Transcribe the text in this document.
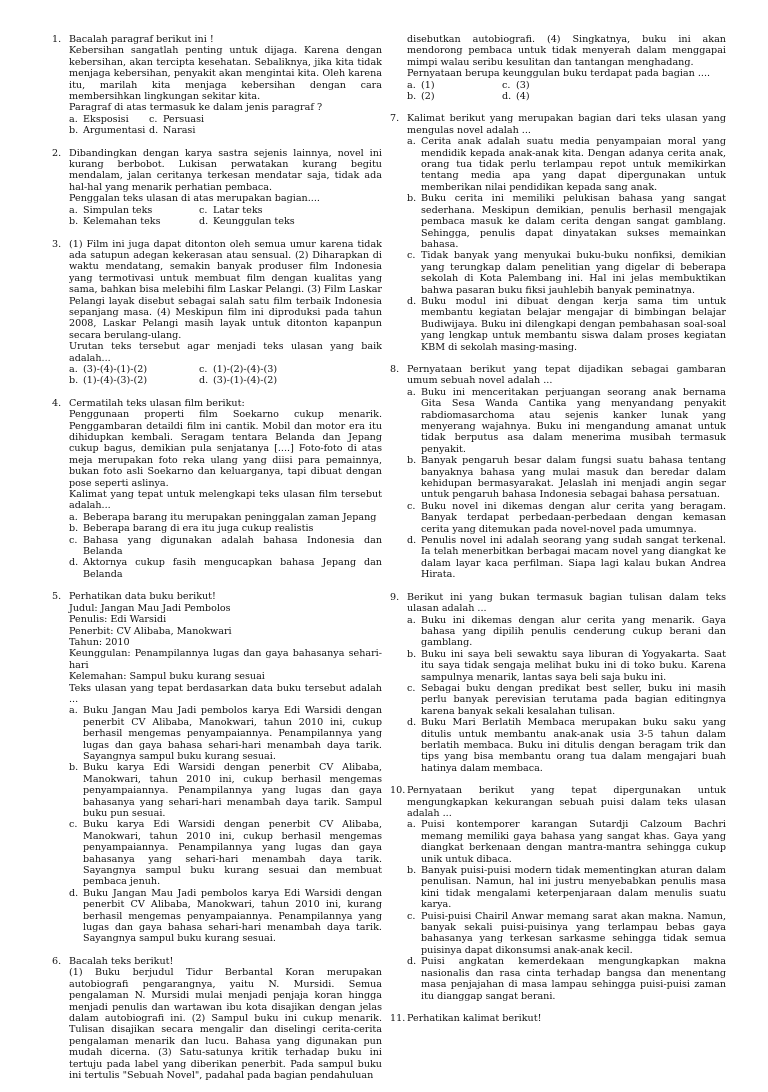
1. Bacalah paragraf berikut ini !
Kebersihan sangatlah penting untuk dijaga. Karena dengan kebersihan, akan tercipta kesehatan. Sebaliknya, jika kita tidak menjaga kebersihan, penyakit akan mengintai kita. Oleh karena itu, marilah kita menjaga kebersihan dengan cara membersihkan lingkungan sekitar kita.
Paragraf di atas termasuk ke dalam jenis paragraf ?
a. Eksposisi	c. Persuasi
b. Argumentasi d. Narasi
2. Dibandingkan dengan karya sastra sejenis lainnya, novel ini kurang berbobot. Lukisan perwatakan kurang begitu mendalam, jalan ceritanya terkesan mendatar saja, tidak ada hal-hal yang menarik perhatian pembaca.
Penggalan teks ulasan di atas merupakan bagian....
a. Simpulan teks	c. Latar teks
b. Kelemahan teks	d. Keunggulan teks
3. (1) Film ini juga dapat ditonton oleh semua umur karena tidak ada satupun adegan kekerasan atau sensual. (2) Diharapkan di waktu mendatang, semakin banyak produser film Indonesia yang termotivasi untuk membuat film dengan kualitas yang sama, bahkan bisa melebihi film Laskar Pelangi. (3) Film Laskar Pelangi layak disebut sebagai salah satu film terbaik Indonesia sepanjang masa. (4) Meskipun film ini diproduksi pada tahun 2008, Laskar Pelangi masih layak untuk ditonton kapanpun secara berulang-ulang.
Urutan teks tersebut agar menjadi teks ulasan yang baik adalah...
a. (3)-(4)-(1)-(2)	c. (1)-(2)-(4)-(3)
b. (1)-(4)-(3)-(2)	d. (3)-(1)-(4)-(2)
4. Cermatilah teks ulasan film berikut:
Penggunaan properti film Soekarno cukup menarik. Penggambaran detaildi film ini cantik. Mobil dan motor era itu dihidupkan kembali. Seragam tentara Belanda dan Jepang cukup bagus, demikian pula senjatanya [....] Foto-foto di atas meja merupakan foto reka ulang yang diisi para pemainnya, bukan foto asli Soekarno dan keluarganya, tapi dibuat dengan pose seperti aslinya.
Kalimat yang tepat untuk melengkapi teks ulasan film tersebut adalah...
a. Beberapa barang itu merupakan peninggalan zaman Jepang
b. Beberapa barang di era itu juga cukup realistis
c. Bahasa yang digunakan adalah bahasa Indonesia dan Belanda
d. Aktornya cukup fasih mengucapkan bahasa Jepang dan Belanda
5. Perhatikan data buku berikut!
Judul: Jangan Mau Jadi Pembolos
Penulis: Edi Warsidi
Penerbit: CV Alibaba, Manokwari
Tahun: 2010
Keunggulan: Penampilannya lugas dan gaya bahasanya sehari-hari
Kelemahan: Sampul buku kurang sesuai
Teks ulasan yang tepat berdasarkan data buku tersebut adalah ...
a. Buku Jangan Mau Jadi pembolos karya Edi Warsidi dengan penerbit CV Alibaba, Manokwari, tahun 2010 ini, cukup berhasil mengemas penyampaiannya. Penampilannya yang lugas dan gaya bahasa sehari-hari menambah daya tarik. Sayangnya sampul buku kurang sesuai.
b. Buku karya Edi Warsidi dengan penerbit CV Alibaba, Manokwari, tahun 2010 ini, cukup berhasil mengemas penyampaiannya. Penampilannya yang lugas dan gaya bahasanya yang sehari-hari menambah daya tarik. Sampul buku pun sesuai.
c. Buku karya Edi Warsidi dengan penerbit CV Alibaba, Manokwari, tahun 2010 ini, cukup berhasil mengemas penyampaiannya. Penampilannya yang lugas dan gaya bahasanya yang sehari-hari menambah daya tarik. Sayangnya sampul buku kurang sesuai dan membuat pembaca jenuh.
d. Buku Jangan Mau Jadi pembolos karya Edi Warsidi dengan penerbit CV Alibaba, Manokwari, tahun 2010 ini, kurang berhasil mengemas penyampaiannya. Penampilannya yang lugas dan gaya bahasa sehari-hari menambah daya tarik. Sayangnya sampul buku kurang sesuai.
6. Bacalah teks berikut!
(1) Buku berjudul Tidur Berbantal Koran merupakan autobiografi pengarangnya, yaitu N. Mursidi. Semua pengalaman N. Mursidi mulai menjadi penjaja koran hingga menjadi penulis dan wartawan ibu kota disajikan dengan jelas dalam autobiografi ini. (2) Sampul buku ini cukup menarik. Tulisan disajikan secara mengalir dan diselingi cerita-cerita pengalaman menarik dan lucu. Bahasa yang digunakan pun mudah dicerna. (3) Satu-satunya kritik terhadap buku ini tertuju pada label yang diberikan penerbit. Pada sampul buku ini tertulis "Sebuah Novel", padahal pada bagian pendahuluan
disebutkan autobiografi. (4) Singkatnya, buku ini akan mendorong pembaca untuk tidak menyerah dalam menggapai mimpi walau seribu kesulitan dan tantangan menghadang.
Pernyataan berupa keunggulan buku terdapat pada bagian ....
a. (1)	c. (3)
b. (2)	d. (4)
7. Kalimat berikut yang merupakan bagian dari teks ulasan yang mengulas novel adalah ...
a. Cerita anak adalah suatu media penyampaian moral yang mendidik kepada anak-anak kita. Dengan adanya cerita anak, orang tua tidak perlu terlampau repot untuk memikirkan tentang media apa yang dapat dipergunakan untuk memberikan nilai pendidikan kepada sang anak.
b. Buku cerita ini memiliki pelukisan bahasa yang sangat sederhana. Meskipun demikian, penulis berhasil mengajak pembaca masuk ke dalam cerita dengan sangat gamblang. Sehingga, penulis dapat dinyatakan sukses memainkan bahasa.
c. Tidak banyak yang menyukai buku-buku nonfiksi, demikian yang terungkap dalam penelitian yang digelar di beberapa sekolah di Kota Palembang ini. Hal ini jelas membuktikan bahwa pasaran buku fiksi jauhlebih banyak peminatnya.
d. Buku modul ini dibuat dengan kerja sama tim untuk membantu kegiatan belajar mengajar di bimbingan belajar Budiwijaya. Buku ini dilengkapi dengan pembahasan soal-soal yang lengkap untuk membantu siswa dalam proses kegiatan KBM di sekolah masing-masing.
8. Pernyataan berikut yang tepat dijadikan sebagai gambaran umum sebuah novel adalah ...
a. Buku ini menceritakan perjuangan seorang anak bernama Gita Sesa Wanda Cantika yang menyandang penyakit rabdiomasarchoma atau sejenis kanker lunak yang menyerang wajahnya. Buku ini mengandung amanat untuk tidak berputus asa dalam menerima musibah termasuk penyakit.
b. Banyak pengaruh besar dalam fungsi suatu bahasa tentang banyaknya bahasa yang mulai masuk dan beredar dalam kehidupan bermasyarakat. Jelaslah ini menjadi angin segar untuk pengaruh bahasa Indonesia sebagai bahasa persatuan.
c. Buku novel ini dikemas dengan alur cerita yang beragam. Banyak terdapat perbedaan-perbedaan dengan kemasan cerita yang ditemukan pada novel-novel pada umumnya.
d. Penulis novel ini adalah seorang yang sudah sangat terkenal. Ia telah menerbitkan berbagai macam novel yang diangkat ke dalam layar kaca perfilman. Siapa lagi kalau bukan Andrea Hirata.
9. Berikut ini yang bukan termasuk bagian tulisan dalam teks ulasan adalah ...
a. Buku ini dikemas dengan alur cerita yang menarik. Gaya bahasa yang dipilih penulis cenderung cukup berani dan gamblang.
b. Buku ini saya beli sewaktu saya liburan di Yogyakarta. Saat itu saya tidak sengaja melihat buku ini di toko buku. Karena sampulnya menarik, lantas saya beli saja buku ini.
c. Sebagai buku dengan predikat best seller, buku ini masih perlu banyak perevisian terutama pada bagian editingnya karena banyak sekali kesalahan tulisan.
d. Buku Mari Berlatih Membaca merupakan buku saku yang ditulis untuk membantu anak-anak usia 3-5 tahun dalam berlatih membaca. Buku ini ditulis dengan beragam trik dan tips yang bisa membantu orang tua dalam mengajari buah hatinya dalam membaca.
10. Pernyataan berikut yang tepat dipergunakan untuk mengungkapkan kekurangan sebuah puisi dalam teks ulasan adalah ...
a. Puisi kontemporer karangan Sutardji Calzoum Bachri memang memiliki gaya bahasa yang sangat khas. Gaya yang diangkat berkenaan dengan mantra-mantra sehingga cukup unik untuk dibaca.
b. Banyak puisi-puisi modern tidak mementingkan aturan dalam penulisan. Namun, hal ini justru menyebabkan penulis masa kini tidak mengalami keterpenjaraan dalam menulis suatu karya.
c. Puisi-puisi Chairil Anwar memang sarat akan makna. Namun, banyak sekali puisi-puisinya yang terlampau bebas gaya bahasanya yang terkesan sarkasme sehingga tidak semua puisinya dapat dikonsumsi anak-anak kecil.
d. Puisi angkatan kemerdekaan mengungkapkan makna nasionalis dan rasa cinta terhadap bangsa dan menentang masa penjajahan di masa lampau sehingga puisi-puisi zaman itu dianggap sangat berani.
11. Perhatikan kalimat berikut!
